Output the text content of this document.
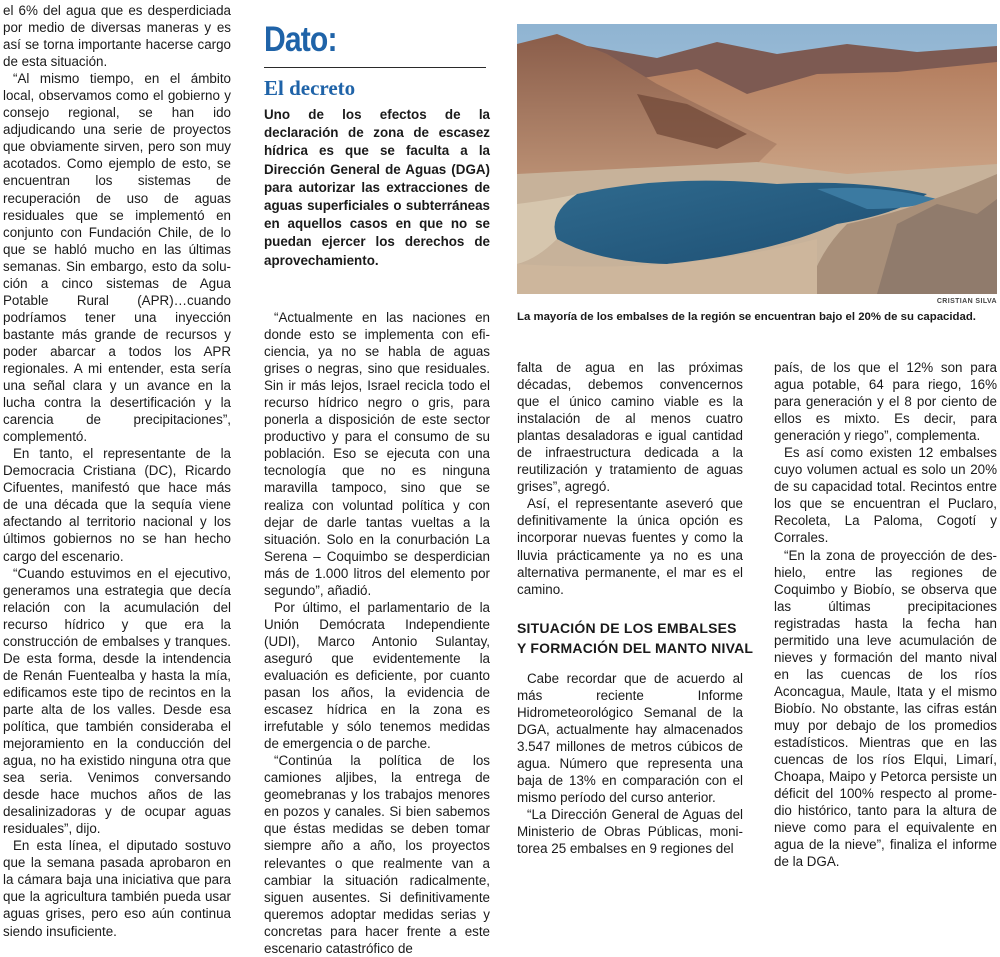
el 6% del agua que es desperdiciada por medio de diversas maneras y es así se torna importante hacerse cargo de esta situación.

“Al mismo tiempo, en el ámbito local, observamos como el gobierno y consejo regional, se han ido adjudicando una serie de proyectos que obviamente sirven, pero son muy acotados. Como ejemplo de esto, se encuentran los sistemas de recuperación de uso de aguas residuales que se implementó en conjunto con Fundación Chile, de lo que se habló mucho en las últimas semanas. Sin embargo, esto da solución a cinco sistemas de Agua Potable Rural (APR)…cuando podríamos tener una inyección bastante más grande de recursos y poder abarcar a todos los APR regionales. A mi entender, esta sería una señal clara y un avance en la lucha contra la desertificación y la carencia de precipitaciones”, complementó.

En tanto, el representante de la Democracia Cristiana (DC), Ricardo Cifuentes, manifestó que hace más de una década que la sequía viene afectando al territorio nacional y los últimos gobiernos no se han hecho cargo del escenario.

“Cuando estuvimos en el ejecutivo, generamos una estrategia que decía relación con la acumulación del recurso hídrico y que era la construcción de embalses y tranques. De esta forma, desde la intendencia de Renán Fuentealba y hasta la mía, edificamos este tipo de recintos en la parte alta de los valles. Desde esa política, que también consideraba el mejoramiento en la conducción del agua, no ha existido ninguna otra que sea seria. Venimos conversando desde hace muchos años de las desalinizadoras y de ocupar aguas residuales”, dijo.

En esta línea, el diputado sostuvo que la semana pasada aprobaron en la cámara baja una iniciativa que para que la agricultura también pueda usar aguas grises, pero eso aún continua siendo insuficiente.

Dato:
El decreto

Uno de los efectos de la declaración de zona de escasez hídrica es que se faculta a la Dirección General de Aguas (DGA) para autorizar las extracciones de aguas superficiales o subterráneas en aquellos casos en que no se puedan ejercer los derechos de aprovechamiento.

CRISTIAN SILVA

La mayoría de los embalses de la región se encuentran bajo el 20% de su capacidad.

“Actualmente en las naciones en donde esto se implementa con eficiencia, ya no se habla de aguas grises o negras, sino que residuales. Sin ir más lejos, Israel recicla todo el recurso hídrico negro o gris, para ponerla a disposición de este sector productivo y para el consumo de su población. Eso se ejecuta con una tecnología que no es ninguna maravilla tampoco, sino que se realiza con voluntad política y con dejar de darle tantas vueltas a la situación. Solo en la conurbación La Serena – Coquimbo se desperdician más de 1.000 litros del elemento por segundo”, añadió.

Por último, el parlamentario de la Unión Demócrata Independiente (UDI), Marco Antonio Sulantay, aseguró que evidentemente la evaluación es deficiente, por cuanto pasan los años, la evidencia de escasez hídrica en la zona es irrefutable y sólo tenemos medidas de emergencia o de parche.

“Continúa la política de los camiones aljibes, la entrega de geomebranas y los trabajos menores en pozos y canales. Si bien sabemos que éstas medidas se deben tomar siempre año a año, los proyectos relevantes o que realmente van a cambiar la situación radicalmente, siguen ausentes. Si definitivamente queremos adoptar medidas serias y concretas para hacer frente a este escenario catastrófico de

falta de agua en las próximas décadas, debemos convencernos que el único camino viable es la instalación de al menos cuatro plantas desaladoras e igual cantidad de infraestructura dedicada a la reutilización y tratamiento de aguas grises”, agregó.

Así, el representante aseveró que definitivamente la única opción es incorporar nuevas fuentes y como la lluvia prácticamente ya no es una alternativa permanente, el mar es el camino.

SITUACIÓN DE LOS EMBALSES
Y FORMACIÓN DEL MANTO NIVAL

Cabe recordar que de acuerdo al más reciente Informe Hidrometeorológico Semanal de la DGA, actualmente hay almacenados 3.547 millones de metros cúbicos de agua. Número que representa una baja de 13% en comparación con el mismo período del curso anterior.

“La Dirección General de Aguas del Ministerio de Obras Públicas, monitorea 25 embalses en 9 regiones del

país, de los que el 12% son para agua potable, 64 para riego, 16% para generación y el 8 por ciento de ellos es mixto. Es decir, para generación y riego”, complementa.

Es así como existen 12 embalses cuyo volumen actual es solo un 20% de su capacidad total. Recintos entre los que se encuentran el Puclaro, Recoleta, La Paloma, Cogotí y Corrales.

“En la zona de proyección de deshielo, entre las regiones de Coquimbo y Biobío, se observa que las últimas precipitaciones registradas hasta la fecha han permitido una leve acumulación de nieves y formación del manto nival en las cuencas de los ríos Aconcagua, Maule, Itata y el mismo Biobío. No obstante, las cifras están muy por debajo de los promedios estadísticos. Mientras que en las cuencas de los ríos Elqui, Limarí, Choapa, Maipo y Petorca persiste un déficit del 100% respecto al promedio histórico, tanto para la altura de nieve como para el equivalente en agua de la nieve”, finaliza el informe de la DGA.
